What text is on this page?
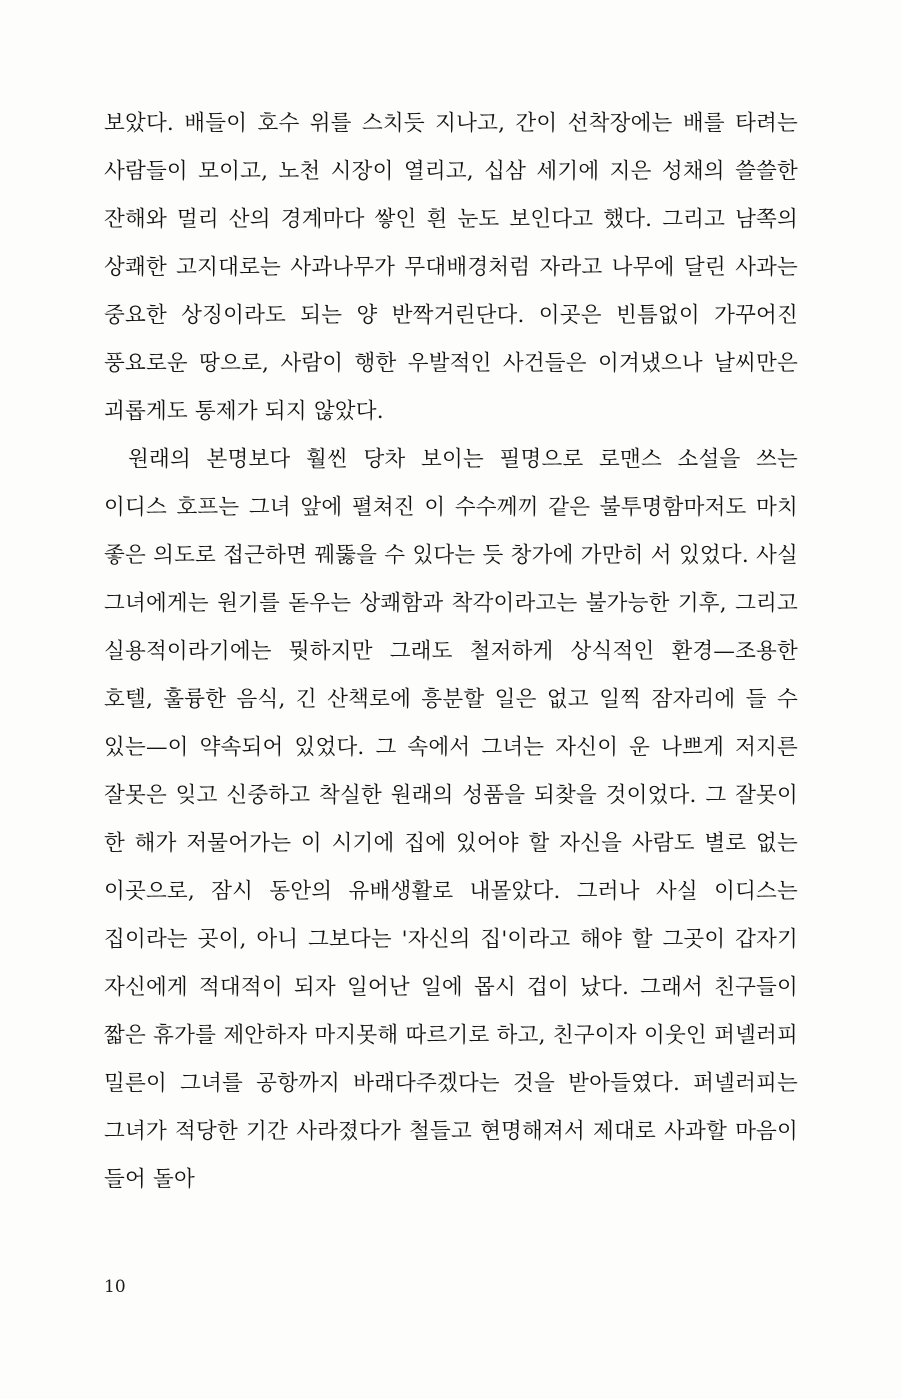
보았다. 배들이 호수 위를 스치듯 지나고, 간이 선착장에는 배를 타려는 사람들이 모이고, 노천 시장이 열리고, 십삼 세기에 지은 성채의 쓸쓸한 잔해와 멀리 산의 경계마다 쌓인 흰 눈도 보인다고 했다. 그리고 남쪽의 상쾌한 고지대로는 사과나무가 무대배경처럼 자라고 나무에 달린 사과는 중요한 상징이라도 되는 양 반짝거린단다. 이곳은 빈틈없이 가꾸어진 풍요로운 땅으로, 사람이 행한 우발적인 사건들은 이겨냈으나 날씨만은 괴롭게도 통제가 되지 않았다.

원래의 본명보다 훨씬 당차 보이는 필명으로 로맨스 소설을 쓰는 이디스 호프는 그녀 앞에 펼쳐진 이 수수께끼 같은 불투명함마저도 마치 좋은 의도로 접근하면 꿰뚫을 수 있다는 듯 창가에 가만히 서 있었다. 사실 그녀에게는 원기를 돋우는 상쾌함과 착각이라고는 불가능한 기후, 그리고 실용적이라기에는 뭣하지만 그래도 철저하게 상식적인 환경—조용한 호텔, 훌륭한 음식, 긴 산책로에 흥분할 일은 없고 일찍 잠자리에 들 수 있는—이 약속되어 있었다. 그 속에서 그녀는 자신이 운 나쁘게 저지른 잘못은 잊고 신중하고 착실한 원래의 성품을 되찾을 것이었다. 그 잘못이 한 해가 저물어가는 이 시기에 집에 있어야 할 자신을 사람도 별로 없는 이곳으로, 잠시 동안의 유배생활로 내몰았다. 그러나 사실 이디스는 집이라는 곳이, 아니 그보다는 '자신의 집'이라고 해야 할 그곳이 갑자기 자신에게 적대적이 되자 일어난 일에 몹시 겁이 났다. 그래서 친구들이 짧은 휴가를 제안하자 마지못해 따르기로 하고, 친구이자 이웃인 퍼넬러피 밀른이 그녀를 공항까지 바래다주겠다는 것을 받아들였다. 퍼넬러피는 그녀가 적당한 기간 사라졌다가 철들고 현명해져서 제대로 사과할 마음이 들어 돌아

10
